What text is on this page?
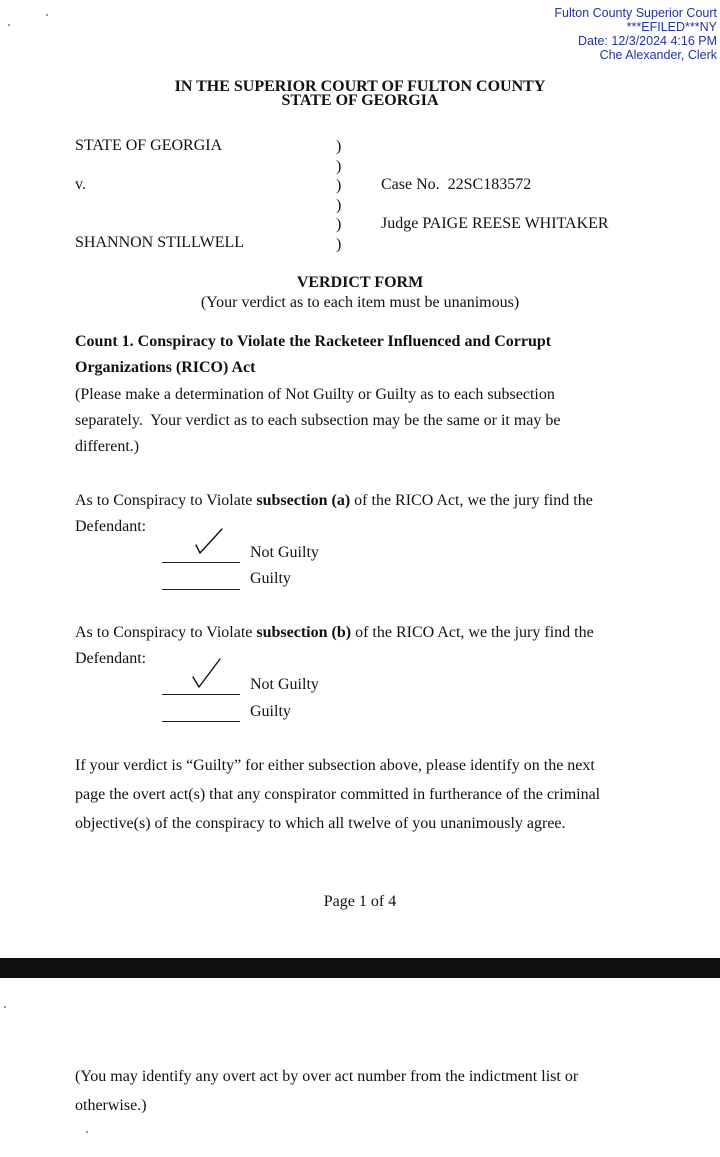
Fulton County Superior Court
***EFILED***NY
Date: 12/3/2024 4:16 PM
Che Alexander, Clerk
IN THE SUPERIOR COURT OF FULTON COUNTY
STATE OF GEORGIA
STATE OF GEORGIA
v.
SHANNON STILLWELL
)
)
)
)
)
)
Case No.  22SC183572
Judge PAIGE REESE WHITAKER
VERDICT FORM
(Your verdict as to each item must be unanimous)
Count 1. Conspiracy to Violate the Racketeer Influenced and Corrupt
Organizations (RICO) Act
(Please make a determination of Not Guilty or Guilty as to each subsection
separately.  Your verdict as to each subsection may be the same or it may be
different.)
As to Conspiracy to Violate subsection (a) of the RICO Act, we the jury find the
Defendant:
Not Guilty
Guilty
As to Conspiracy to Violate subsection (b) of the RICO Act, we the jury find the
Defendant:
Not Guilty
Guilty
If your verdict is “Guilty” for either subsection above, please identify on the next
page the overt act(s) that any conspirator committed in furtherance of the criminal
objective(s) of the conspiracy to which all twelve of you unanimously agree.
Page 1 of 4
(You may identify any overt act by over act number from the indictment list or
otherwise.)
